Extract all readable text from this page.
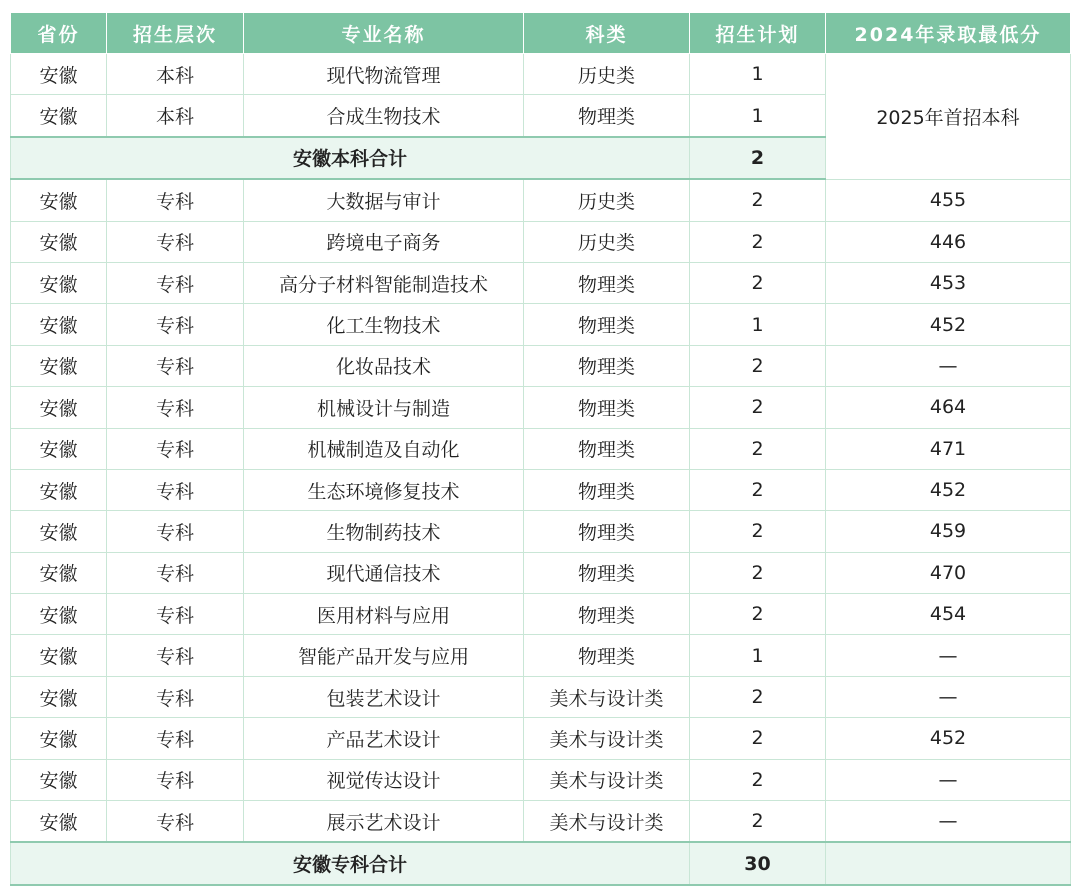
省份	招生层次	专业名称	科类	招生计划	2024年录取最低分
安徽	本科	现代物流管理	历史类	1	2025年首招本科
安徽	本科	合成生物技术	物理类	1	
安徽本科合计				2	
安徽	专科	大数据与审计	历史类	2	455
安徽	专科	跨境电子商务	历史类	2	446
安徽	专科	高分子材料智能制造技术	物理类	2	453
安徽	专科	化工生物技术	物理类	1	452
安徽	专科	化妆品技术	物理类	2	—
安徽	专科	机械设计与制造	物理类	2	464
安徽	专科	机械制造及自动化	物理类	2	471
安徽	专科	生态环境修复技术	物理类	2	452
安徽	专科	生物制药技术	物理类	2	459
安徽	专科	现代通信技术	物理类	2	470
安徽	专科	医用材料与应用	物理类	2	454
安徽	专科	智能产品开发与应用	物理类	1	—
安徽	专科	包装艺术设计	美术与设计类	2	—
安徽	专科	产品艺术设计	美术与设计类	2	452
安徽	专科	视觉传达设计	美术与设计类	2	—
安徽	专科	展示艺术设计	美术与设计类	2	—
安徽专科合计				30	
